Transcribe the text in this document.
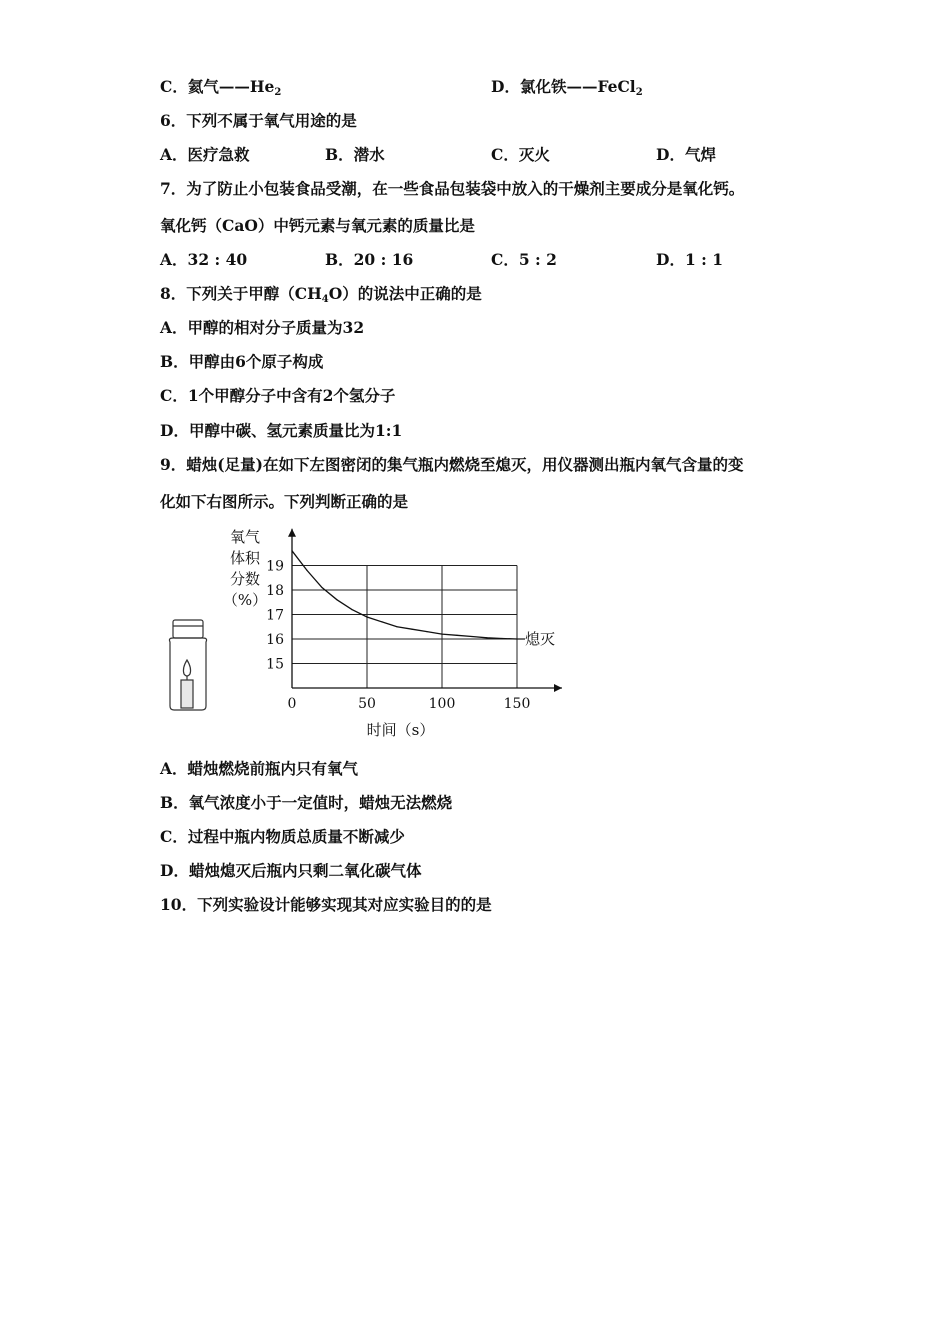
C．氦气$——He_2$	D．氯化铁——FeCl$_2$
6．下列不属于氧气用途的是
A．医疗急救	B．潜水	C．灭火	D．气焊
7．为了防止小包装食品受潮，在一些食品包装袋中放入的干燥剂主要成分是氧化钙。
氧化钙（CaO）中钙元素与氧元素的质量比是
A．32 : 40	B．20 : 16	C．5 : 2	D．1 : 1
8．下列关于甲醇$(CH_4O)$的说法中正确的是
A．甲醇的相对分子质量为32
B．甲醇由6个原子构成
C．1个甲醇分子中含有2个氢分子
D．甲醇中碳、氢元素质量比为1:1
9．蜡烛(足量)在如下左图密闭的集气瓶内燃烧至熄灭，用仪器测出瓶内氧气含量的变
化如下右图所示。下列判断正确的是
15
16
17
18
19
0	50	100	150
氧气
体积
分数
（%）
时间（s）
熄灭
A．蜡烛燃烧前瓶内只有氧气
B．氧气浓度小于一定值时，蜡烛无法燃烧
C．过程中瓶内物质总质量不断减少
D．蜡烛熄灭后瓶内只剩二氧化碳气体
10．下列实验设计能够实现其对应实验目的的是
